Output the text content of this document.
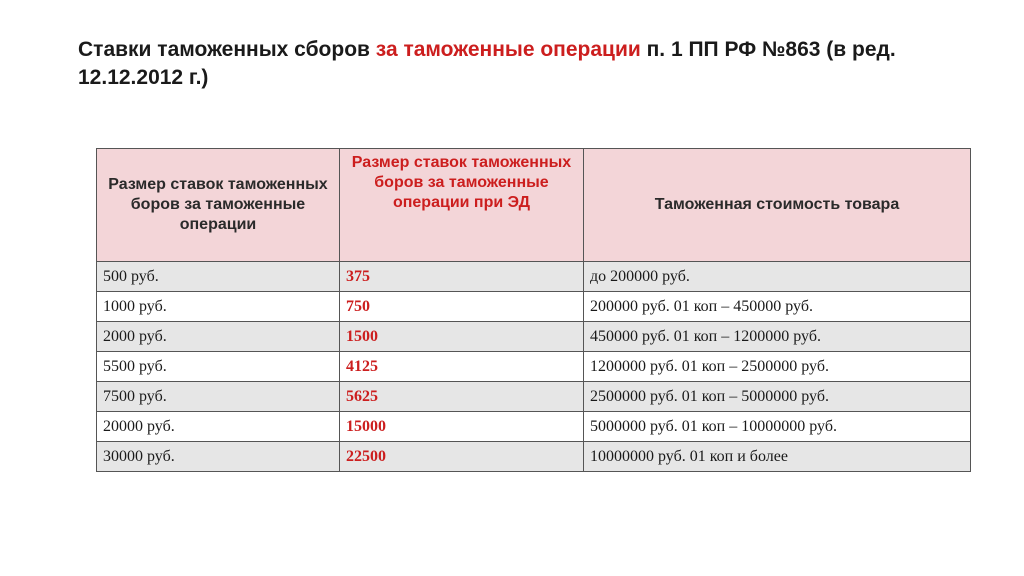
Ставки таможенных сборов за таможенные операции п. 1 ПП РФ №863 (в ред. 12.12.2012 г.)
Размер ставок таможенных боров за таможенные операции	Размер ставок таможенных боров за таможенные операции при ЭД	Таможенная стоимость товара
500 руб.	375	до 200000 руб.
1000 руб.	750	200000 руб. 01 коп – 450000 руб.
2000 руб.	1500	450000 руб. 01 коп – 1200000 руб.
5500 руб.	4125	1200000 руб. 01 коп – 2500000 руб.
7500 руб.	5625	2500000 руб. 01 коп – 5000000 руб.
20000 руб.	15000	5000000 руб. 01 коп – 10000000 руб.
30000 руб.	22500	10000000 руб. 01 коп и более
